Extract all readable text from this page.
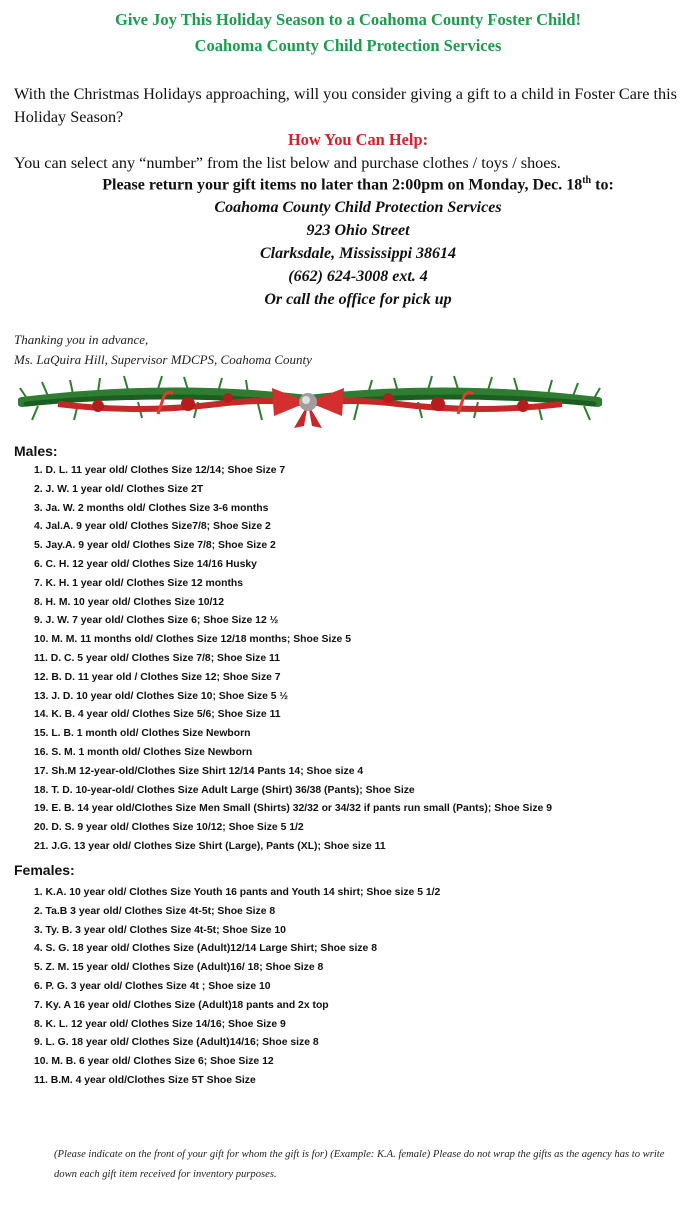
Give Joy This Holiday Season to a Coahoma County Foster Child!
Coahoma County Child Protection Services
With the Christmas Holidays approaching, will you consider giving a gift to a child in Foster Care this Holiday Season?
How You Can Help:
You can select any “number” from the list below and purchase clothes / toys / shoes.
Please return your gift items no later than 2:00pm on Monday, Dec. 18th to:
Coahoma County Child Protection Services
923 Ohio Street
Clarksdale, Mississippi 38614
(662) 624-3008 ext. 4
Or call the office for pick up
Thanking you in advance,
Ms. LaQuira Hill, Supervisor MDCPS, Coahoma County
Males:
1. D. L. 11 year old/ Clothes Size 12/14; Shoe Size 7
2. J. W. 1 year old/ Clothes Size 2T
3. Ja. W. 2 months old/ Clothes Size 3-6 months
4. Jal.A. 9 year old/ Clothes Size7/8; Shoe Size 2
5. Jay.A. 9 year old/ Clothes Size 7/8; Shoe Size 2
6. C. H. 12 year old/ Clothes Size 14/16 Husky
7. K. H. 1 year old/ Clothes Size 12 months
8. H. M. 10 year old/ Clothes Size 10/12
9. J. W. 7 year old/ Clothes Size 6; Shoe Size 12 ½
10. M. M. 11 months old/ Clothes Size 12/18 months; Shoe Size 5
11. D. C. 5 year old/ Clothes Size 7/8; Shoe Size 11
12. B. D. 11 year old / Clothes Size 12; Shoe Size 7
13. J. D. 10 year old/ Clothes Size 10; Shoe Size 5 ½
14. K. B. 4 year old/ Clothes Size 5/6; Shoe Size 11
15. L. B. 1 month old/ Clothes Size Newborn
16. S. M. 1 month old/ Clothes Size Newborn
17. Sh.M 12-year-old/Clothes Size Shirt 12/14 Pants 14; Shoe size 4
18. T. D. 10-year-old/ Clothes Size Adult Large (Shirt) 36/38 (Pants); Shoe Size
19. E. B. 14 year old/Clothes Size Men Small (Shirts) 32/32 or 34/32 if pants run small (Pants); Shoe Size 9
20. D. S. 9 year old/ Clothes Size 10/12; Shoe Size 5 1/2
21. J.G. 13 year old/ Clothes Size Shirt (Large), Pants (XL); Shoe size 11
Females:
1. K.A. 10 year old/ Clothes Size Youth 16 pants and Youth 14 shirt; Shoe size 5 1/2
2. Ta.B 3 year old/ Clothes Size 4t-5t; Shoe Size 8
3. Ty. B. 3 year old/ Clothes Size 4t-5t; Shoe Size 10
4. S. G. 18 year old/ Clothes Size (Adult)12/14 Large Shirt; Shoe size 8
5. Z. M. 15 year old/ Clothes Size (Adult)16/ 18; Shoe Size 8
6. P. G. 3 year old/ Clothes Size 4t ; Shoe size 10
7. Ky. A 16 year old/ Clothes Size (Adult)18 pants and 2x top
8. K. L. 12 year old/ Clothes Size 14/16; Shoe Size 9
9. L. G. 18 year old/ Clothes Size (Adult)14/16; Shoe size 8
10. M. B. 6 year old/ Clothes Size 6; Shoe Size 12
11. B.M. 4 year old/Clothes Size 5T Shoe Size
(Please indicate on the front of your gift for whom the gift is for) (Example: K.A. female) Please do not wrap the gifts as the agency has to write down each gift item received for inventory purposes.
